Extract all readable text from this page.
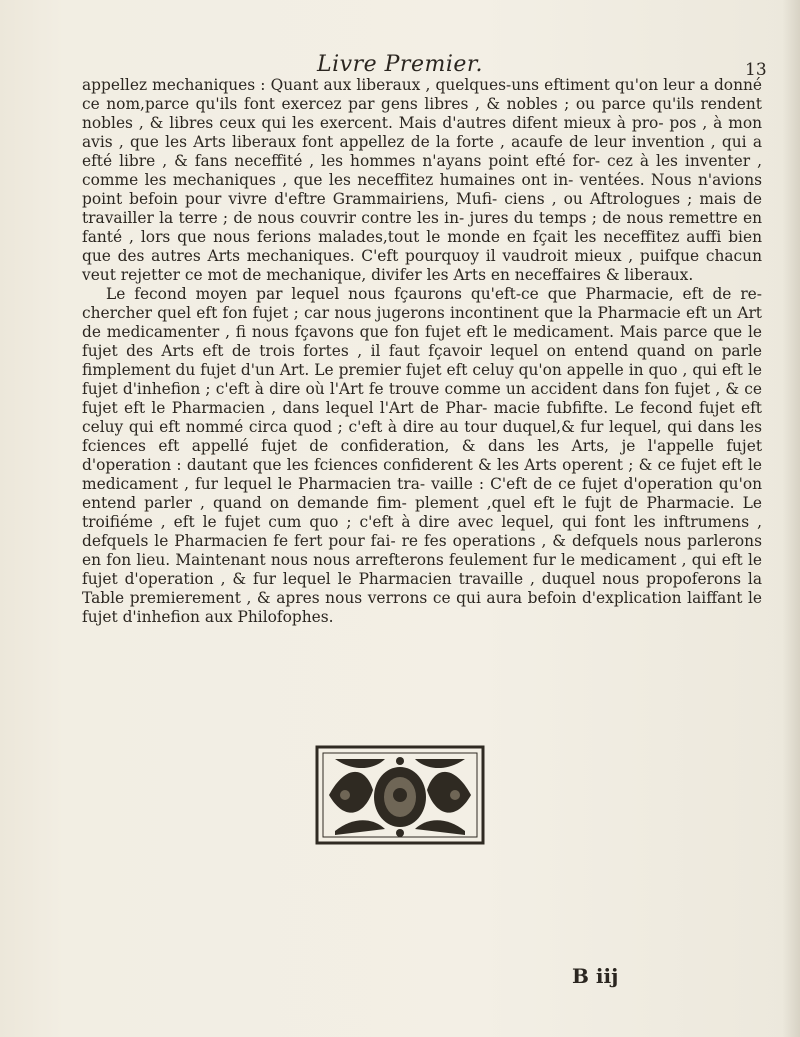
Livre Premier.	13

appellez mechaniques : Quant aux liberaux , quelques-uns eftiment qu'on leur a donné ce nom,parce qu'ils font exercez par gens libres , & nobles ; ou parce qu'ils rendent nobles , & libres ceux qui les exercent. Mais d'autres difent mieux à pro- pos , à mon avis , que les Arts liberaux font appellez de la forte , acaufe de leur invention , qui a efté libre , & fans neceffité , les hommes n'ayans point efté for- cez à les inventer , comme les mechaniques , que les neceffitez humaines ont in- ventées. Nous n'avions point befoin pour vivre d'eftre Grammairiens, Mufi- ciens , ou Aftrologues ; mais de travailler la terre ; de nous couvrir contre les in- jures du temps ; de nous remettre en fanté , lors que nous ferions malades,tout le monde en fçait les neceffitez auffi bien que des autres Arts mechaniques. C'eft pourquoy il vaudroit mieux , puifque chacun veut rejetter ce mot de mechanique, divifer les Arts en neceffaires & liberaux.

Le fecond moyen par lequel nous fçaurons qu'eft-ce que Pharmacie, eft de re- chercher quel eft fon fujet ; car nous jugerons incontinent que la Pharmacie eft un Art de medicamenter , fi nous fçavons que fon fujet eft le medicament. Mais parce que le fujet des Arts eft de trois fortes , il faut fçavoir lequel on entend quand on parle fimplement du fujet d'un Art. Le premier fujet eft celuy qu'on appelle in quo , qui eft le fujet d'inhefion ; c'eft à dire où l'Art fe trouve comme un accident dans fon fujet , & ce fujet eft le Pharmacien , dans lequel l'Art de Phar- macie fubfifte. Le fecond fujet eft celuy qui eft nommé circa quod ; c'eft à dire au tour duquel,& fur lequel, qui dans les fciences eft appellé fujet de confideration, & dans les Arts, je l'appelle fujet d'operation : dautant que les fciences confiderent & les Arts operent ; & ce fujet eft le medicament , fur lequel le Pharmacien tra- vaille : C'eft de ce fujet d'operation qu'on entend parler , quand on demande fim- plement ,quel eft le fujt de Pharmacie. Le troifiéme , eft le fujet cum quo ; c'eft à dire avec lequel, qui font les inftrumens , defquels le Pharmacien fe fert pour fai- re fes operations , & defquels nous parlerons en fon lieu. Maintenant nous nous arrefterons feulement fur le medicament , qui eft le fujet d'operation , & fur lequel le Pharmacien travaille , duquel nous propoferons la Table premierement , & apres nous verrons ce qui aura befoin d'explication laiffant le fujet d'inhefion aux Philofophes.

B iij
